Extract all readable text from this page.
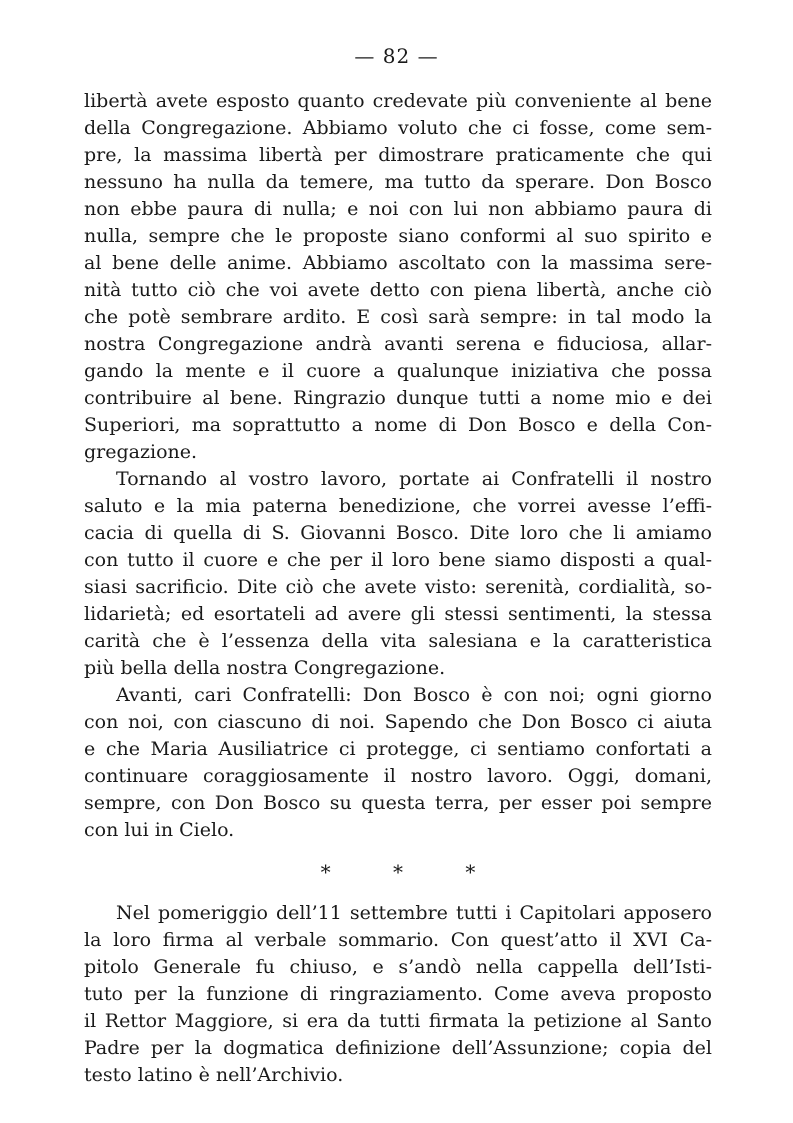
— 82 —
libertà avete esposto quanto credevate più conveniente al bene
della Congregazione. Abbiamo voluto che ci fosse, come sem-
pre, la massima libertà per dimostrare praticamente che qui
nessuno ha nulla da temere, ma tutto da sperare. Don Bosco
non ebbe paura di nulla; e noi con lui non abbiamo paura di
nulla, sempre che le proposte siano conformi al suo spirito e
al bene delle anime. Abbiamo ascoltato con la massima sere-
nità tutto ciò che voi avete detto con piena libertà, anche ciò
che potè sembrare ardito. E così sarà sempre: in tal modo la
nostra Congregazione andrà avanti serena e fiduciosa, allar-
gando la mente e il cuore a qualunque iniziativa che possa
contribuire al bene. Ringrazio dunque tutti a nome mio e dei
Superiori, ma soprattutto a nome di Don Bosco e della Con-
gregazione.
Tornando al vostro lavoro, portate ai Confratelli il nostro
saluto e la mia paterna benedizione, che vorrei avesse l’effi-
cacia di quella di S. Giovanni Bosco. Dite loro che li amiamo
con tutto il cuore e che per il loro bene siamo disposti a qual-
siasi sacrificio. Dite ciò che avete visto: serenità, cordialità, so-
lidarietà; ed esortateli ad avere gli stessi sentimenti, la stessa
carità che è l’essenza della vita salesiana e la caratteristica
più bella della nostra Congregazione.
Avanti, cari Confratelli: Don Bosco è con noi; ogni giorno
con noi, con ciascuno di noi. Sapendo che Don Bosco ci aiuta
e che Maria Ausiliatrice ci protegge, ci sentiamo confortati a
continuare coraggiosamente il nostro lavoro. Oggi, domani,
sempre, con Don Bosco su questa terra, per esser poi sempre
con lui in Cielo.
* * *
Nel pomeriggio dell’11 settembre tutti i Capitolari apposero
la loro firma al verbale sommario. Con quest’atto il XVI Ca-
pitolo Generale fu chiuso, e s’andò nella cappella dell’Isti-
tuto per la funzione di ringraziamento. Come aveva proposto
il Rettor Maggiore, si era da tutti firmata la petizione al Santo
Padre per la dogmatica definizione dell’Assunzione; copia del
testo latino è nell’Archivio.
